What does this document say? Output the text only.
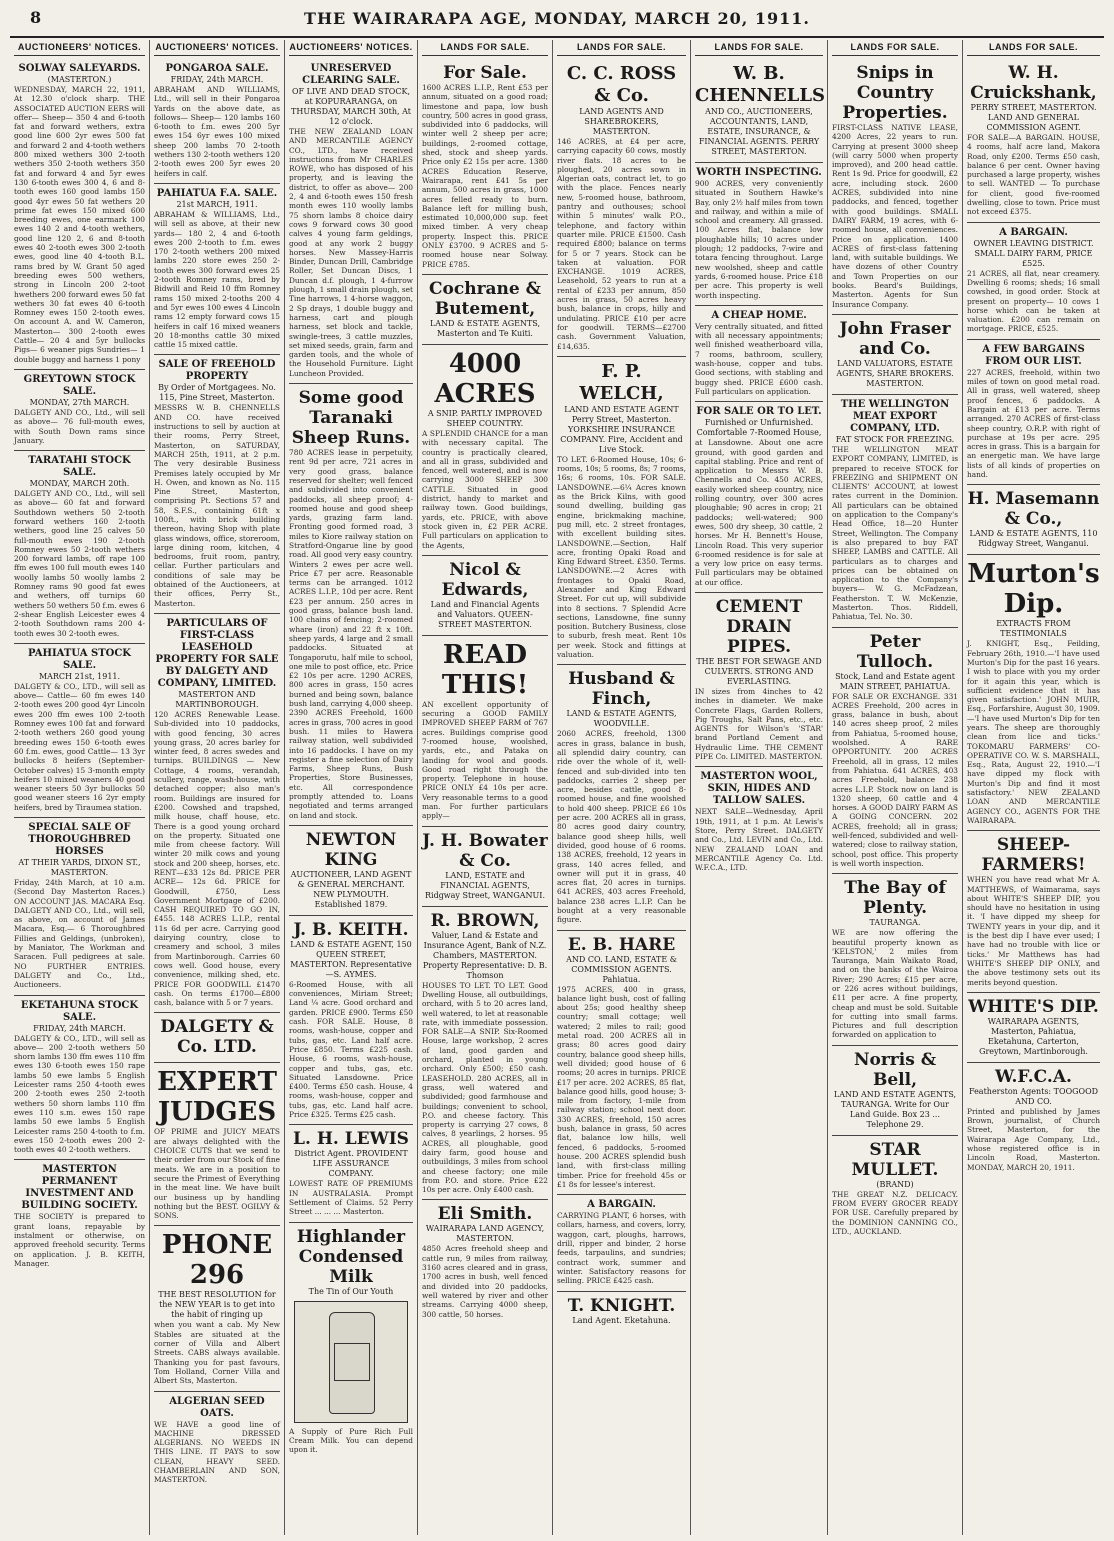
8	THE WAIRARAPA AGE, MONDAY, MARCH 20, 1911.
AUCTIONEERS' NOTICES.
SOLWAY SALEYARDS.
(MASTERTON.)
WEDNESDAY, MARCH 22, 1911, At 12.30 o'clock sharp. THE ASSOCIATED AUCTION EERS will offer— Sheep— 350 4 and 6-tooth fat and forward wethers, extra good line 600 2yr ewes 500 fat and forward 2 and 4-tooth wethers 800 mixed wethers 300 2-tooth wethers 350 2-tooth wethers 350 fat and forward 4 and 5yr ewes 130 6-tooth ewes 300 4, 6 and 8-tooth ewes 160 good lambs 150 good 4yr ewes 50 fat wethers 20 prime fat ewes 150 mixed 600 breeding ewes, one earmark 100 ewes 140 2 and 4-tooth wethers, good line 120 2, 6 and 8-tooth ewes 40 2-tooth ewes 300 2-tooth ewes, good line 40 4-tooth B.L. rams bred by W. Grant 50 aged breeding ewes 500 wethers, strong in Lincoln 200 2-toot hwethers 200 forward ewes 50 fat wethers 30 fat ewes 40 6-tooth Romney ewes 150 2-tooth ewes. On account A. and W. Cameron, Masterton— 300 2-tooth ewes Cattle— 20 4 and 5yr bullocks Pigs— 6 weaner pigs Sundries— 1 double buggy and harness 1 pony
GREYTOWN STOCK SALE.
MONDAY, 27th MARCH.
DALGETY AND CO., Ltd., will sell as above— 76 full-mouth ewes, with South Down rams since January.
TARATAHI STOCK SALE.
MONDAY, MARCH 20th.
DALGETY AND CO., Ltd., will sell as above— 60 fat and forward Southdown wethers 50 2-tooth forward wethers 160 2-tooth wethers, good line 25 calves 50 full-mouth ewes 190 2-tooth Romney ewes 50 2-tooth wethers 200 forward lambs, off rape 100 ffm ewes 100 full mouth ewes 140 woolly lambs 50 woolly lambs 2 Romney rams 90 good fat ewes and wethers, off turnips 60 wethers 50 wethers 50 f.m. ewes 6 2-shear English Leicester ewes 4 2-tooth Southdown rams 200 4-tooth ewes 30 2-tooth ewes.
PAHIATUA STOCK SALE.
MARCH 21st, 1911.
DALGETY & CO., LTD., will sell as above— Cattle— 60 fm ewes 140 2-tooth ewes 200 good 4yr Lincoln ewes 200 ffm ewes 100 2-tooth Romney ewes 100 fat and forward 2-tooth wethers 260 good young breeding ewes 150 6-tooth ewes 60 f.m. ewes, good Cattle— 13 3yr bullocks 8 heifers (September-October calves) 15 3-month empty heifers 10 mixed weaners 40 good weaner steers 50 3yr bullocks 50 good weaner steers 16 2yr empty heifers, bred by Tiraumea station.
SPECIAL SALE OF THOROUGHBRED HORSES
AT THEIR YARDS, DIXON ST., MASTERTON.
Friday, 24th March, at 10 a.m. (Second Day Masterton Races.) ON ACCOUNT JAS. MACARA Esq. DALGETY AND CO., Ltd., will sell, as above, on account of James Macara, Esq.— 6 Thoroughbred Fillies and Geldings, (unbroken), by Maniator, The Workman and Saracen. Full pedigrees at sale. NO FURTHER ENTRIES. DALGETY and Co., Ltd., Auctioneers.
EKETAHUNA STOCK SALE.
FRIDAY, 24th MARCH.
DALGETY & CO., LTD., will sell as above— 200 2-tooth wethers 50 shorn lambs 130 ffm ewes 110 ffm ewes 130 6-tooth ewes 150 rape lambs 50 ewe lambs 5 English Leicester rams 250 4-tooth ewes 200 2-tooth ewes 250 2-tooth wethers 50 shorn lambs 110 ffm ewes 110 s.m. ewes 150 rape lambs 50 ewe lambs 5 English Leicester rams 250 4-tooth to f.m. ewes 150 2-tooth ewes 200 2-tooth ewes 40 2-tooth wethers.
MASTERTON PERMANENT INVESTMENT AND BUILDING SOCIETY.
THE SOCIETY is prepared to grant loans, repayable by instalment or otherwise, on approved freehold security. Terms on application. J. B. KEITH, Manager.
AUCTIONEERS' NOTICES.
PONGAROA SALE.
FRIDAY, 24th MARCH.
ABRAHAM AND WILLIAMS, Ltd., will sell in their Pongaroa Yards on the above date, as follows— Sheep— 120 lambs 160 6-tooth to f.m. ewes 200 5yr ewes 154 6yr ewes 100 mixed sheep 200 lambs 70 2-tooth wethers 130 2-tooth wethers 120 2-tooth ewes 200 5yr ewes 20 heifers in calf.
PAHIATUA F.A. SALE.
21st MARCH, 1911.
ABRAHAM & WILLIAMS, Ltd., will sell as above, at their new yards— 180 2, 4 and 6-tooth ewes 200 2-tooth to f.m. ewes 170 2-tooth wethers 200 mixed lambs 220 store ewes 250 2-tooth ewes 300 forward ewes 25 2-tooth Romney rams, bred by Bidwill and Reid 10 ffm Romney rams 150 mixed 2-tooths 200 4 and 5yr ewes 100 ewes 4 Lincoln rams 12 empty forward cows 15 heifers in calf 16 mixed weaners 20 18-months cattle 30 mixed cattle 15 mixed cattle.
SALE OF FREEHOLD PROPERTY
By Order of Mortgagees. No. 115, Pine Street, Masterton.
MESSRS W. B. CHENNELLS AND CO. have received instructions to sell by auction at their rooms, Perry Street, Masterton, on SATURDAY, MARCH 25th, 1911, at 2 p.m. The very desirable Business Premises lately occupied by Mr H. Owen, and known as No. 115 Pine Street, Masterton, comprising Pt. Sections 57 and 58, S.F.S., containing 61ft x 100ft., with brick building thereon, having Shop with plate glass windows, office, storeroom, large dining room, kitchen, 4 bedrooms, fruit room, pantry, cellar. Further particulars and conditions of sale may be obtained of the Auctioneers, at their offices, Perry St., Masterton.
PARTICULARS OF FIRST-CLASS LEASEHOLD PROPERTY FOR SALE BY DALGETY AND COMPANY, LIMITED.
MASTERTON AND MARTINBOROUGH.
120 ACRES Renewable Lease. Sub-divided into 10 paddocks, with good fencing, 30 acres young grass, 20 acres barley for winter feed, 8 acres swedes and turnips. BUILDINGS — New Cottage, 4 rooms, verandah, scullery, range, wash-house, with detached copper; also man's room. Buildings are insured for £200. Cowshed and trapshed, milk house, chaff house, etc. There is a good young orchard on the property. Situated one mile from cheese factory. Will winter 20 milk cows and young stock and 200 sheep, horses, etc. RENT—£33 12s 8d. PRICE PER ACRE— 12s 6d. PRICE for Goodwill, £750, Less Government Mortgage of £200. CASH REQUIRED TO GO IN, £455. 148 ACRES L.I.P., rental 11s 6d per acre. Carrying good dairying country, close to creamery and school, 3 miles from Martinborough. Carries 60 cows well. Good house, every convenience, milking shed, etc. PRICE FOR GOODWILL £1470 cash. On terms £1700—£800 cash, balance with 5 or 7 years.
DALGETY & Co. LTD.
EXPERT JUDGES
OF PRIME and JUICY MEATS are always delighted with the CHOICE CUTS that we send to their order from our Stock of fine meats. We are in a position to secure the Primest of Everything in the meat line. We have built our business up by handling nothing but the BEST. OGILVY & SONS.
PHONE 296
THE BEST RESOLUTION for the NEW YEAR is to get into the habit of ringing up
when you want a cab. My New Stables are situated at the corner of Villa and Albert Streets. CABS always available. Thanking you for past favours, Tom Holland, Corner Villa and Albert Sts, Masterton.
ALGERIAN SEED OATS.
WE HAVE a good line of MACHINE DRESSED ALGERIANS. NO WEEDS IN THIS LINE. IT PAYS to sow CLEAN, HEAVY SEED. CHAMBERLAIN AND SON, MASTERTON.
AUCTIONEERS' NOTICES.
UNRESERVED CLEARING SALE.
OF LIVE AND DEAD STOCK, at KOPURARANGA, on THURSDAY, MARCH 30th, At 12 o'clock.
THE NEW ZEALAND LOAN AND MERCANTILE AGENCY CO., LTD., have received instructions from Mr CHARLES ROWE, who has disposed of his property, and is leaving the district, to offer as above— 200 2, 4 and 6-tooth ewes 150 fresh month ewes 110 woolly lambs 75 shorn lambs 8 choice dairy cows 9 forward cows 30 good calves 4 young farm geldings, good at any work 2 buggy horses. New Massey-Harris Binder, Duncan Drill, Cambridge Roller, Set Duncan Discs, 1 Duncan d.f. plough, 1 4-furrow plough, 1 small drain plough, set Tine harrows, 1 4-horse waggon, 2 Sp drays, 1 double buggy and harness, cart and plough harness, set block and tackle, swingle-trees, 3 cattle muzzles, set mixed seeds, grain, farm and garden tools, and the whole of the Household Furniture. Light Luncheon Provided.
Some good Taranaki Sheep Runs.
780 ACRES lease in perpetuity, rent 9d per acre, 721 acres in very good grass, balance reserved for shelter; well fenced and subdivided into convenient paddocks, all sheep proof; 4-roomed house and good sheep yards, grazing farm land. Fronting good formed road, 3 miles to Kiore railway station on Stratford-Ongarue line by good road. All good very easy country. Winters 2 ewes per acre well. Price £7 per acre. Reasonable terms can be arranged. 1012 ACRES L.I.P., 10d per acre. Rent £23 per annum. 250 acres in good grass, balance bush land. 100 chains of fencing; 2-roomed whare (iron) and 22 ft x 10ft. sheep yards, 4 large and 2 small paddocks. Situated at Tongaporutu, half mile to school, one mile to post office, etc. Price £2 10s per acre. 1290 ACRES, 800 acres in grass, 150 acres burned and being sown, balance bush land, carrying 4,000 sheep. 2390 ACRES Freehold, 1600 acres in grass, 700 acres in good bush. 11 miles to Hawera railway station, well subdivided into 16 paddocks. I have on my register a fine selection of Dairy Farms, Sheep Runs, Bush Properties, Store Businesses, etc. All correspondence promptly attended to. Loans negotiated and terms arranged on land and stock.
NEWTON KING
AUCTIONEER, LAND AGENT & GENERAL MERCHANT. NEW PLYMOUTH. Established 1879.
J. B. KEITH.
LAND & ESTATE AGENT, 150 QUEEN STREET, MASTERTON. Representative—S. AYMES.
6-Roomed House, with all conveniences, Miriam Street; Land ¼ acre. Good orchard and garden. PRICE £900. Terms £50 cash. FOR SALE. House, 8 rooms, wash-house, copper and tubs, gas, etc. Land half acre. Price £850. Terms £225 cash. House, 6 rooms, wash-house, copper and tubs, gas, etc. Situated Lansdowne. Price £400. Terms £50 cash. House, 4 rooms, wash-house, copper and tubs, gas, etc. Land half acre. Price £325. Terms £25 cash.
L. H. LEWIS
District Agent. PROVIDENT LIFE ASSURANCE COMPANY.
LOWEST RATE OF PREMIUMS IN AUSTRALASIA. Prompt Settlement of Claims. 52 Perry Street ... ... ... Masterton.
Highlander Condensed Milk
The Tin of Our Youth
A Supply of Pure Rich Full Cream Milk. You can depend upon it.
LANDS FOR SALE.
For Sale.
1600 ACRES L.I.P., Rent £53 per annum, situated on a good road; limestone and papa, low bush country, 500 acres in good grass, subdivided into 6 paddocks, will winter well 2 sheep per acre; buildings, 2-roomed cottage, shed, stock and sheep yards. Price only £2 15s per acre. 1380 ACRES Education Reserve, Wairarapa, rent £41 5s per annum, 500 acres in grass, 1000 acres felled ready to burn. Balance left for milling bush, estimated 10,000,000 sup. feet mixed timber. A very cheap property. Inspect this. PRICE ONLY £3700. 9 ACRES and 5-roomed house near Solway. PRICE £785.
Cochrane & Butement,
LAND & ESTATE AGENTS, Masterton and Te Kuiti.
4000 ACRES
A SNIP. PARTLY IMPROVED SHEEP COUNTRY.
A SPLENDID CHANCE for a man with necessary capital. The country is practically cleared, and all in grass, subdivided and fenced, well watered, and is now carrying 3000 SHEEP 300 CATTLE. Situated in good district, handy to market and railway town. Good buildings, yards, etc. PRICE, with above stock given in, £2 PER ACRE. Full particulars on application to the Agents,
Nicol & Edwards,
Land and Financial Agents and Valuators. QUEEN-STREET MASTERTON.
READ THIS!
AN excellent opportunity of securing a GOOD FAMILY IMPROVED SHEEP FARM of 767 acres. Buildings comprise good 7-roomed house, woolshed, yards, etc., and Pataka on landing for wool and goods. Good road right through the property. Telephone in house. PRICE ONLY £4 10s per acre. Very reasonable terms to a good man. For further particulars apply—
J. H. Bowater & Co.
LAND, ESTATE and FINANCIAL AGENTS, Ridgway Street, WANGANUI.
R. BROWN,
Valuer, Land & Estate and Insurance Agent, Bank of N.Z. Chambers, MASTERTON. Property Representative: D. B. Thomson
HOUSES TO LET. TO LET. Good Dwelling House, all outbuildings, orchard, with 5 to 20 acres land, well watered, to let at reasonable rate, with immediate possession. FOR SALE—A SNIP. Six-Roomed House, large workshop, 2 acres of land, good garden and orchard, planted in young orchard. Only £500; £50 cash. LEASEHOLD. 280 ACRES, all in grass, well watered and subdivided; good farmhouse and buildings; convenient to school, P.O. and cheese factory. This property is carrying 27 cows, 8 calves, 8 yearlings, 2 horses. 95 ACRES, all ploughable, good dairy farm, good house and outbuildings, 3 miles from school and cheese factory; one mile from P.O. and store. Price £22 10s per acre. Only £400 cash.
Eli Smith.
WAIRARAPA LAND AGENCY, MASTERTON.
4850 Acres freehold sheep and cattle run, 9 miles from railway, 3160 acres cleared and in grass, 1700 acres in bush, well fenced and divided into 20 paddocks, well watered by river and other streams. Carrying 4000 sheep, 300 cattle, 50 horses.
LANDS FOR SALE.
C. C. ROSS & Co.
LAND AGENTS AND SHAREBROKERS, MASTERTON.
146 ACRES, at £4 per acre, carrying capacity 60 cows, mostly river flats. 18 acres to be ploughed, 20 acres sown in Algerian oats, contract let, to go with the place. Fences nearly new, 5-roomed house, bathroom, pantry and outhouses; school within 5 minutes' walk P.O., telephone, and factory within quarter mile. PRICE £1500. Cash required £800; balance on terms for 5 or 7 years. Stock can be taken at valuation. FOR EXCHANGE. 1019 ACRES, Leasehold, 52 years to run at a rental of £233 per annum, 850 acres in grass, 50 acres heavy bush, balance in crops, hilly and undulating. PRICE £10 per acre for goodwill. TERMS—£2700 cash. Government Valuation, £14,635.
F. P. WELCH,
LAND AND ESTATE AGENT Perry Street, Masterton. YORKSHIRE INSURANCE COMPANY. Fire, Accident and Live Stock.
TO LET. 6-Roomed House, 10s; 6-rooms, 10s; 5 rooms, 8s; 7 rooms, 16s; 6 rooms, 10s. FOR SALE. LANSDOWNE.—6¼ Acres known as the Brick Kilns, with good sound dwelling, building gas engine, brickmaking machine, pug mill, etc. 2 street frontages, with excellent building sites. LANSDOWNE.—Section, Half acre, fronting Opaki Road and King Edward Street. £350. Terms. LANSDOWNE.—2 Acres with frontages to Opaki Road, Alexander and King Edward Street. For cut up, will subdivide into 8 sections. 7 Splendid Acre sections, Lansdowne, fine sunny position. Butchery Business, close to suburb, fresh meat. Rent 10s per week. Stock and fittings at valuation.
Husband & Finch,
LAND & ESTATE AGENTS, WOODVILLE.
2060 ACRES, freehold, 1300 acres in grass, balance in bush, all splendid dairy country, can ride over the whole of it, well-fenced and sub-divided into ten paddocks, carries 2 sheep per acre, besides cattle, good 8-roomed house, and fine woolshed to hold 400 sheep. PRICE £6 10s per acre. 200 ACRES all in grass, 80 acres good dairy country, balance good sheep hills, well divided, good house of 6 rooms. 138 ACRES, freehold, 12 years in grass, 140 acres felled, and owner will put it in grass, 40 acres flat, 20 acres in turnips. 641 ACRES, 403 acres Freehold, balance 238 acres L.I.P. Can be bought at a very reasonable figure.
E. B. HARE
AND CO. LAND, ESTATE & COMMISSION AGENTS. Pahiatua.
1975 ACRES, 400 in grass, balance light bush, cost of falling about 25s; good healthy sheep country; small cottage; well watered; 2 miles to rail; good metal road. 200 ACRES all in grass; 80 acres good dairy country, balance good sheep hills, well divided; good house of 6 rooms; 20 acres in turnips. PRICE £17 per acre. 202 ACRES, 85 flat, balance good hills, good house; 3-mile from factory, 1-mile from railway station; school next door. 330 ACRES, freehold, 150 acres bush, balance in grass, 50 acres flat, balance low hills, well fenced, 6 paddocks, 5-roomed house. 200 ACRES splendid bush land, with first-class milling timber. Price for freehold 45s or £1 8s for lessee's interest.
A BARGAIN.
CARRYING PLANT, 6 horses, with collars, harness, and covers, lorry, waggon, cart, ploughs, harrows, drill, ripper and binder, 2 horse feeds, tarpaulins, and sundries; contract work, summer and winter. Satisfactory reasons for selling. PRICE £425 cash.
T. KNIGHT.
Land Agent. Eketahuna.
LANDS FOR SALE.
W. B. CHENNELLS
AND CO., AUCTIONEERS, ACCOUNTANTS, LAND, ESTATE, INSURANCE, & FINANCIAL AGENTS. PERRY STREET, MASTERTON.
WORTH INSPECTING.
900 ACRES, very conveniently situated in Southern Hawke's Bay, only 2½ half miles from town and railway, and within a mile of school and creamery. All grassed. 100 Acres flat, balance low ploughable hills; 10 acres under plough; 12 paddocks, 7-wire and totara fencing throughout. Large new woolshed, sheep and cattle yards, 6-roomed house. Price £18 per acre. This property is well worth inspecting.
A CHEAP HOME.
Very centrally situated, and fitted with all necessary appointments; well finished weatherboard villa, 7 rooms, bathroom, scullery, wash-house, copper and tubs. Good sections, with stabling and buggy shed. PRICE £600 cash. Full particulars on application.
FOR SALE OR TO LET.
Furnished or Unfurnished. Comfortable 7-Roomed House,
at Lansdowne. About one acre ground, with good garden and capital stabling. Price and rent of application to Messrs W. B. Chennells and Co. 450 ACRES, easily worked sheep country, nice rolling country, over 300 acres ploughable; 90 acres in crop; 21 paddocks; well-watered; 900 ewes, 500 dry sheep, 30 cattle, 2 horses. Mr H. Bennett's House, Lincoln Road. This very superior 6-roomed residence is for sale at a very low price on easy terms. Full particulars may be obtained at our office.
CEMENT DRAIN PIPES.
THE BEST FOR SEWAGE AND CULVERTS. STRONG AND EVERLASTING.
IN sizes from 4inches to 42 inches in diameter. We make Concrete Flags, Garden Rollers, Pig Troughs, Salt Pans, etc., etc. AGENTS for Wilson's 'STAR' brand Portland Cement and Hydraulic Lime. THE CEMENT PIPE Co. LIMITED. MASTERTON.
MASTERTON WOOL, SKIN, HIDES AND TALLOW SALES.
NEXT SALE—Wednesday, April 19th, 1911, at 1 p.m. At Lewis's Store, Perry Street. DALGETY and Co., Ltd. LEVIN and Co., Ltd. NEW ZEALAND LOAN and MERCANTILE Agency Co. Ltd. W.F.C.A., LTD.
LANDS FOR SALE.
Snips in Country Properties.
FIRST-CLASS NATIVE LEASE, 4200 Acres, 22 years to run. Carrying at present 3000 sheep (will carry 5000 when property improved), and 200 head cattle. Rent 1s 9d. Price for goodwill, £2 acre, including stock. 2600 ACRES, subdivided into nine paddocks, and fenced, together with good buildings. SMALL DAIRY FARM, 19 acres, with 6-roomed house, all conveniences. Price on application. 1400 ACRES of first-class fattening land, with suitable buildings. We have dozens of other Country and Town Properties on our books. Beard's Buildings, Masterton. Agents for Sun Insurance Company.
John Fraser and Co.
LAND VALUATORS, ESTATE AGENTS, SHARE BROKERS. MASTERTON.
THE WELLINGTON MEAT EXPORT COMPANY, LTD.
FAT STOCK FOR FREEZING.
THE WELLINGTON MEAT EXPORT COMPANY, LIMITED, is prepared to receive STOCK for FREEZING and SHIPMENT ON CLIENTS' ACCOUNT, at lowest rates current in the Dominion. All particulars can be obtained on application to the Company's Head Office, 18—20 Hunter Street, Wellington. The Company is also prepared to buy FAT SHEEP, LAMBS and CATTLE. All particulars as to charges and prices can be obtained on application to the Company's buyers— W. G. McFadzean, Featherston. T. W. McKenzie, Masterton. Thos. Riddell, Pahiatua, Tel. No. 30.
Peter Tulloch.
Stock, Land and Estate agent MAIN STREET, PAHIATUA.
FOR SALE OR EXCHANGE. 331 ACRES Freehold, 200 acres in grass, balance in bush, about 140 acres sheep proof, 2 miles from Pahiatua, 5-roomed house, woolshed. A RARE OPPORTUNITY. 200 ACRES Freehold, all in grass, 12 miles from Pahiatua. 641 ACRES, 403 acres Freehold, balance 238 acres L.I.P. Stock now on land is 1320 sheep, 60 cattle and 4 horses. A GOOD DAIRY FARM AS A GOING CONCERN. 202 ACRES, freehold; all in grass; well-fenced, subdivided and well-watered; close to railway station, school, post office. This property is well worth inspection.
The Bay of Plenty.
TAURANGA.
WE are now offering the beautiful property known as 'KELSTON,' 2 miles from Tauranga, Main Waikato Road, and on the banks of the Wairoa River; 290 Acres; £15 per acre, or 226 acres without buildings, £11 per acre. A fine property, cheap and must be sold. Suitable for cutting into small farms. Pictures and full description forwarded on application to
Norris & Bell,
LAND AND ESTATE AGENTS, TAURANGA. Write for Our Land Guide. Box 23 ... Telephone 29.
STAR MULLET.
(BRAND)
THE GREAT N.Z. DELICACY. FROM EVERY GROCER READY FOR USE. Carefully prepared by the DOMINION CANNING CO., LTD., AUCKLAND.
LANDS FOR SALE.
W. H. Cruickshank,
PERRY STREET, MASTERTON. LAND AND GENERAL COMMISSION AGENT.
FOR SALE—A BARGAIN. HOUSE, 4 rooms, half acre land, Makora Road, only £200. Terms £50 cash, balance 6 per cent. Owner having purchased a large property, wishes to sell. WANTED — To purchase for client, good five-roomed dwelling, close to town. Price must not exceed £375.
A BARGAIN.
OWNER LEAVING DISTRICT. SMALL DAIRY FARM, PRICE £525.
21 ACRES, all flat, near creamery. Dwelling 6 rooms; sheds; 16 small cowshed, in good order. Stock at present on property— 10 cows 1 horse which can be taken at valuation. £200 can remain on mortgage. PRICE, £525.
A FEW BARGAINS FROM OUR LIST.
227 ACRES, freehold, within two miles of town on good metal road. All in grass, well watered, sheep proof fences, 6 paddocks. A Bargain at £13 per acre. Terms arranged. 270 ACRES of first-class sheep country, O.R.P. with right of purchase at 19s per acre. 295 acres in grass. This is a bargain for an energetic man. We have large lists of all kinds of properties on hand.
H. Masemann & Co.,
LAND & ESTATE AGENTS, 110 Ridgway Street, Wanganui.
Murton's Dip.
EXTRACTS FROM TESTIMONIALS
J. KNIGHT, Esq., Feilding, February 26th, 1910.—'I have used Murton's Dip for the past 16 years. I wish to place with you my order for it again this year, which is sufficient evidence that it has given satisfaction.' JOHN MUIR, Esq., Forfarshire, August 30, 1909.—'I have used Murton's Dip for ten years. The sheep are thoroughly clean from lice and ticks.' TOKOMARU FARMERS' CO-OPERATIVE CO. W. S. MARSHALL, Esq., Rata, August 22, 1910.—'I have dipped my flock with Murton's Dip and find it most satisfactory.' NEW ZEALAND LOAN AND MERCANTILE AGENCY CO., AGENTS FOR THE WAIRARAPA.
SHEEP-FARMERS!
WHEN you have read what Mr A. MATTHEWS, of Waimarama, says about WHITE'S SHEEP DIP, you should have no hesitation in using it. 'I have dipped my sheep for TWENTY years in your dip, and it is the best dip I have ever used; I have had no trouble with lice or ticks.' Mr Matthews has had WHITE'S SHEEP DIP ONLY, and the above testimony sets out its merits beyond question.
WHITE'S DIP.
WAIRARAPA AGENTS, Masterton, Pahiatua, Eketahuna, Carterton, Greytown, Martinborough.
W.F.C.A.
Featherston Agents: TOOGOOD AND CO.
Printed and published by James Brown, journalist, of Church Street, Masterton, for the Wairarapa Age Company, Ltd., whose registered office is in Lincoln Road, Masterton. MONDAY, MARCH 20, 1911.
